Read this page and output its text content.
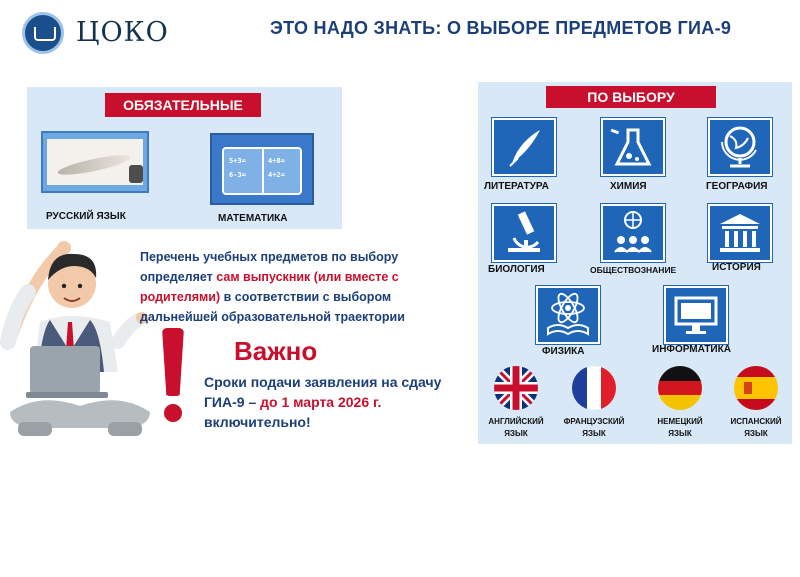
ЦОКО	ЭТО НАДО ЗНАТЬ: О ВЫБОРЕ ПРЕДМЕТОВ ГИА-9
ОБЯЗАТЕЛЬНЫЕ
РУССКИЙ ЯЗЫК
5+3=	4+8=
6-3=	4+2=
МАТЕМАТИКА
ПО ВЫБОРУ
ЛИТЕРАТУРА	ХИМИЯ	ГЕОГРАФИЯ
БИОЛОГИЯ	ОБЩЕСТВОЗНАНИЕ	ИСТОРИЯ
ФИЗИКА	ИНФОРМАТИКА
АНГЛИЙСКИЙ
ЯЗЫК
ФРАНЦУЗСКИЙ
ЯЗЫК
НЕМЕЦКИЙ
ЯЗЫК
ИСПАНСКИЙ
ЯЗЫК
Перечень учебных предметов по выбору определяет сам выпускник (или вместе с родителями) в соответствии с выбором дальнейшей образовательной траектории
Важно
Сроки подачи заявления на сдачу ГИА-9 – до 1 марта 2026 г. включительно!
